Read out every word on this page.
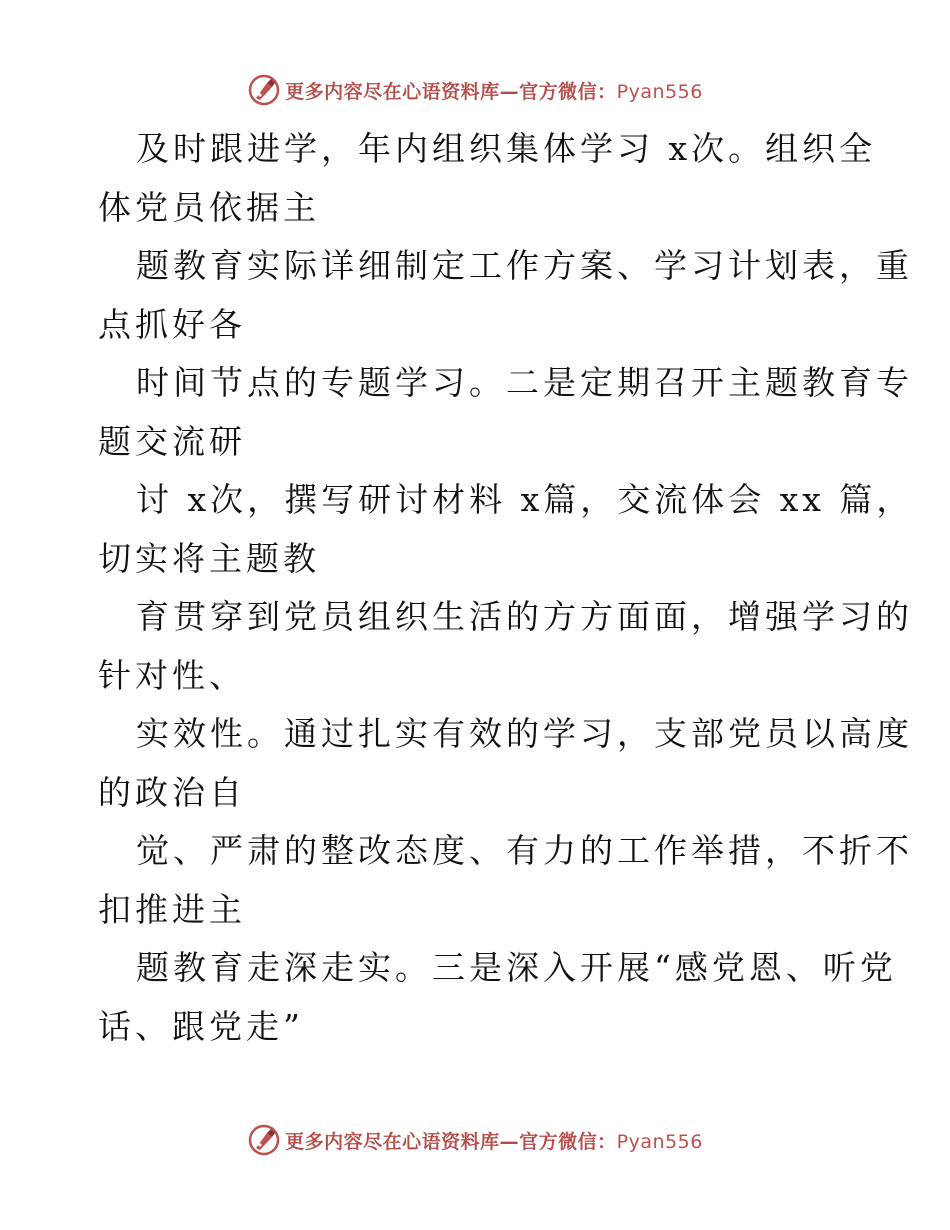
更多内容尽在心语资料库—官方微信：Pyan556
及时跟进学，年内组织集体学习 x次。组织全
体党员依据主
题教育实际详细制定工作方案、学习计划表，重
点抓好各
时间节点的专题学习。二是定期召开主题教育专
题交流研
讨 x次，撰写研讨材料 x篇，交流体会 xx 篇，
切实将主题教
育贯穿到党员组织生活的方方面面，增强学习的
针对性、
实效性。通过扎实有效的学习，支部党员以高度
的政治自
觉、严肃的整改态度、有力的工作举措，不折不
扣推进主
题教育走深走实。三是深入开展“感党恩、听党
话、跟党走”
更多内容尽在心语资料库—官方微信：Pyan556
